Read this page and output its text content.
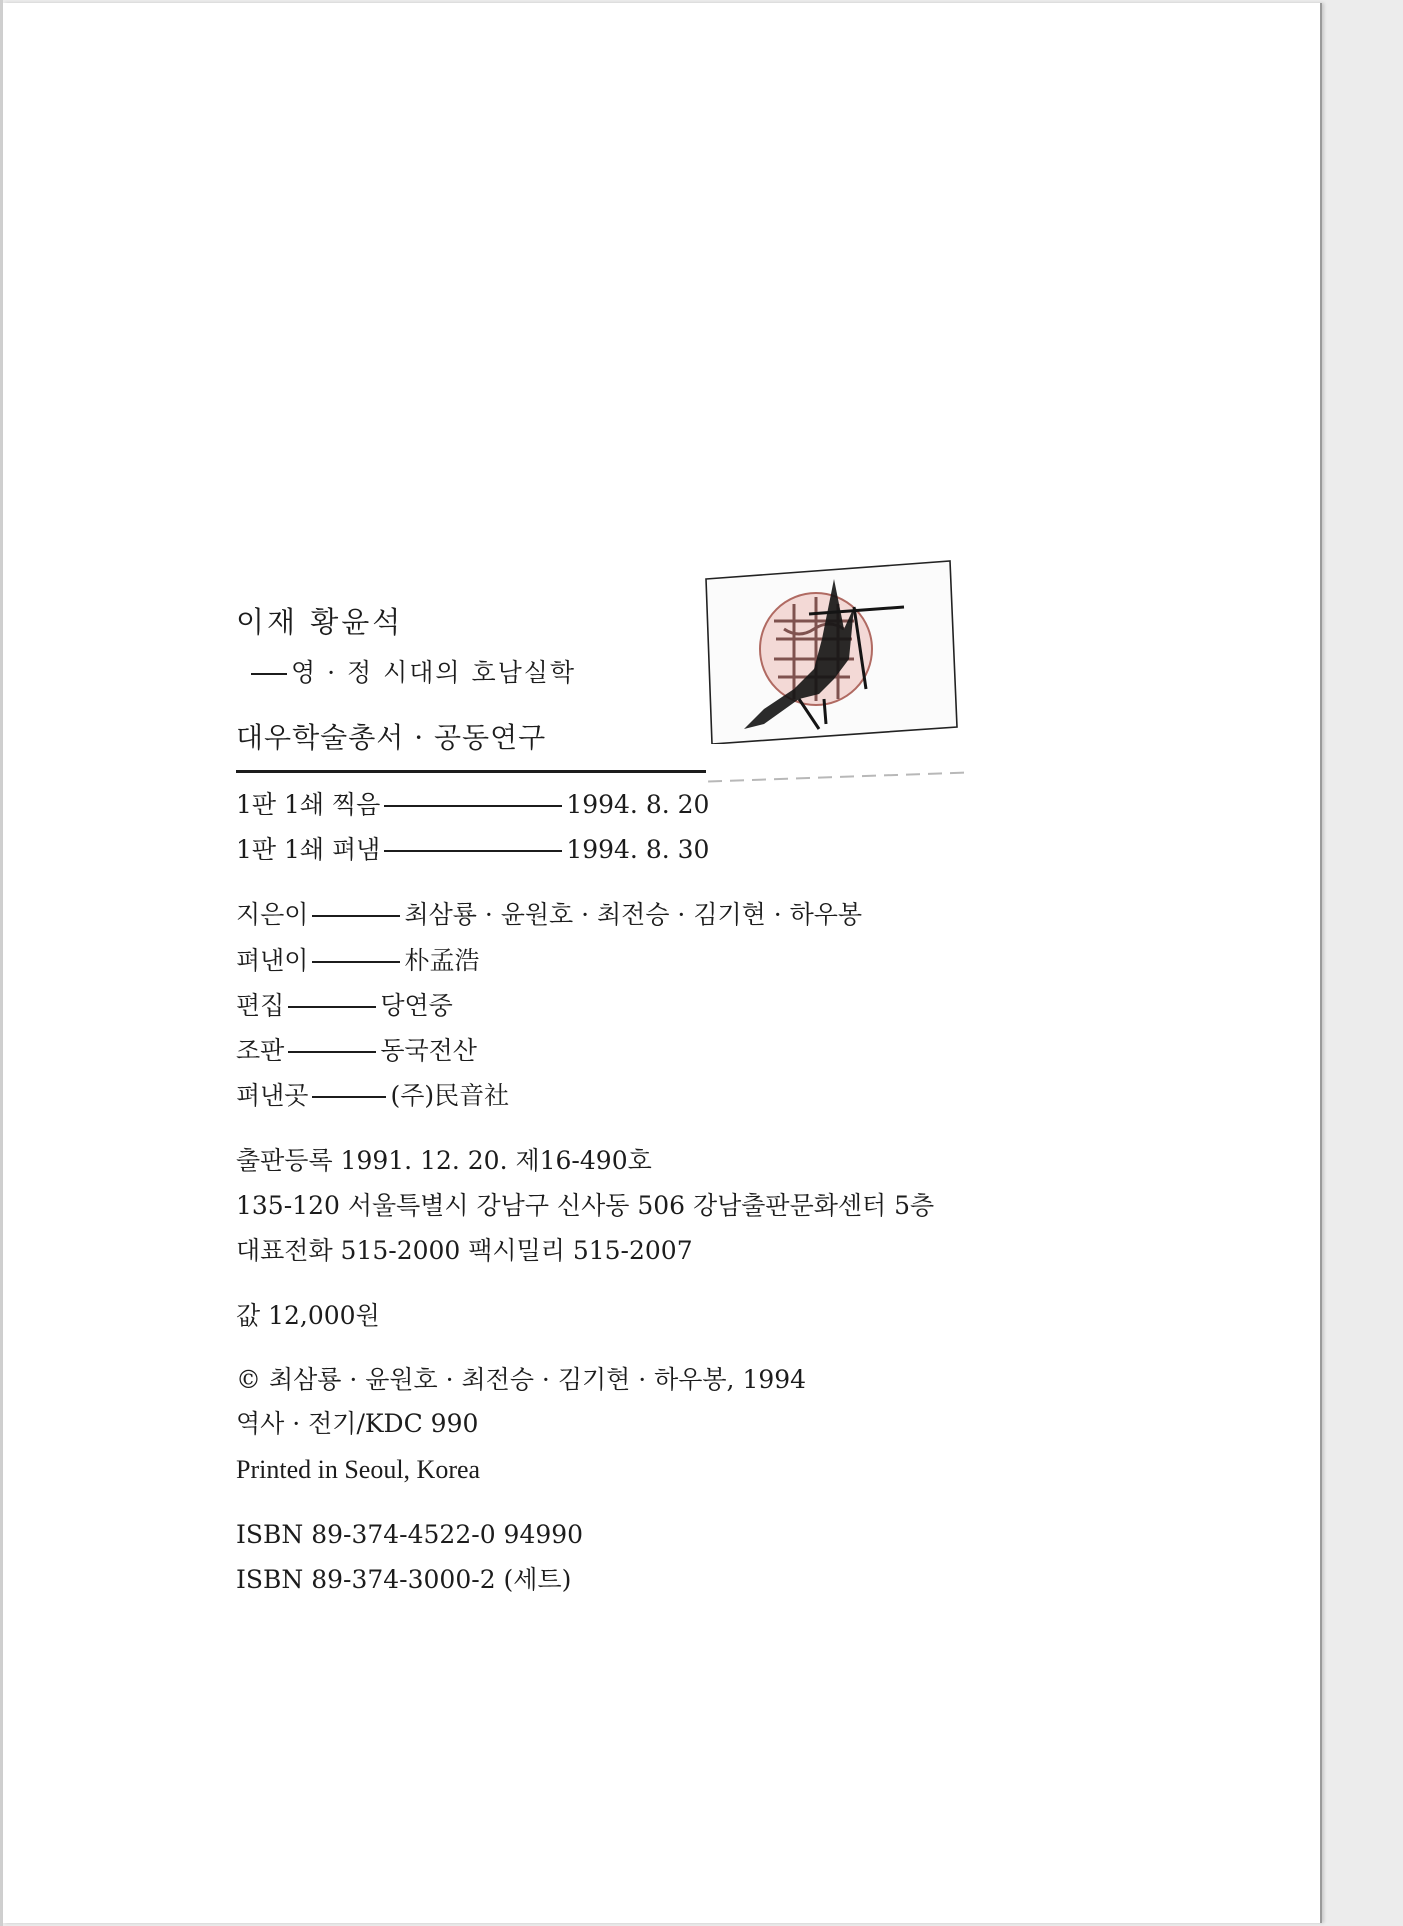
이재 황윤석
영 · 정 시대의 호남실학
대우학술총서 · 공동연구
1판 1쇄 찍음	1994. 8. 20
1판 1쇄 펴냄	1994. 8. 30
지은이	최삼룡 · 윤원호 · 최전승 · 김기현 · 하우봉
펴낸이	朴孟浩
편집	당연중
조판	동국전산
펴낸곳	(주)民音社
출판등록 1991. 12. 20. 제16-490호
135-120 서울특별시 강남구 신사동 506 강남출판문화센터 5층
대표전화 515-2000 팩시밀리 515-2007
값 12,000원
© 최삼룡 · 윤원호 · 최전승 · 김기현 · 하우봉, 1994
역사 · 전기/KDC 990
Printed in Seoul, Korea
ISBN 89-374-4522-0 94990
ISBN 89-374-3000-2 (세트)
